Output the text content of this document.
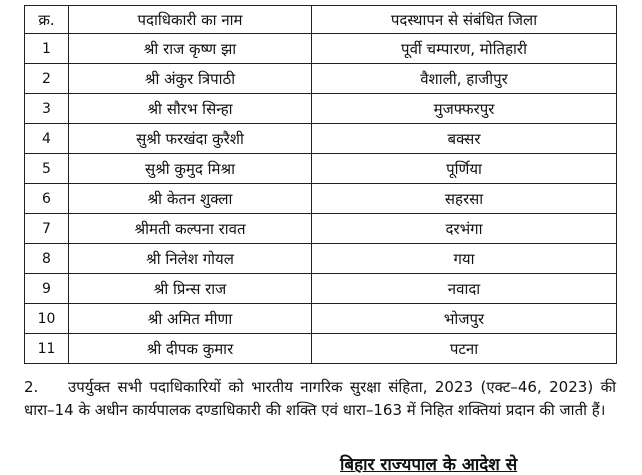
क्र.	पदाधिकारी का नाम	पदस्थापन से संबंधित जिला
1	श्री राज कृष्ण झा	पूर्वी चम्पारण, मोतिहारी
2	श्री अंकुर त्रिपाठी	वैशाली, हाजीपुर
3	श्री सौरभ सिन्हा	मुजफ्फरपुर
4	सुश्री फरखंदा कुरैशी	बक्सर
5	सुश्री कुमुद मिश्रा	पूर्णिया
6	श्री केतन शुक्ला	सहरसा
7	श्रीमती कल्पना रावत	दरभंगा
8	श्री निलेश गोयल	गया
9	श्री प्रिन्स राज	नवादा
10	श्री अमित मीणा	भोजपुर
11	श्री दीपक कुमार	पटना

2. उपर्युक्त सभी पदाधिकारियों को भारतीय नागरिक सुरक्षा संहिता, 2023 (एक्ट–46, 2023) की धारा–14 के अधीन कार्यपालक दण्डाधिकारी की शक्ति एवं धारा–163 में निहित शक्तियां प्रदान की जाती हैं।

बिहार राज्यपाल के आदेश से
